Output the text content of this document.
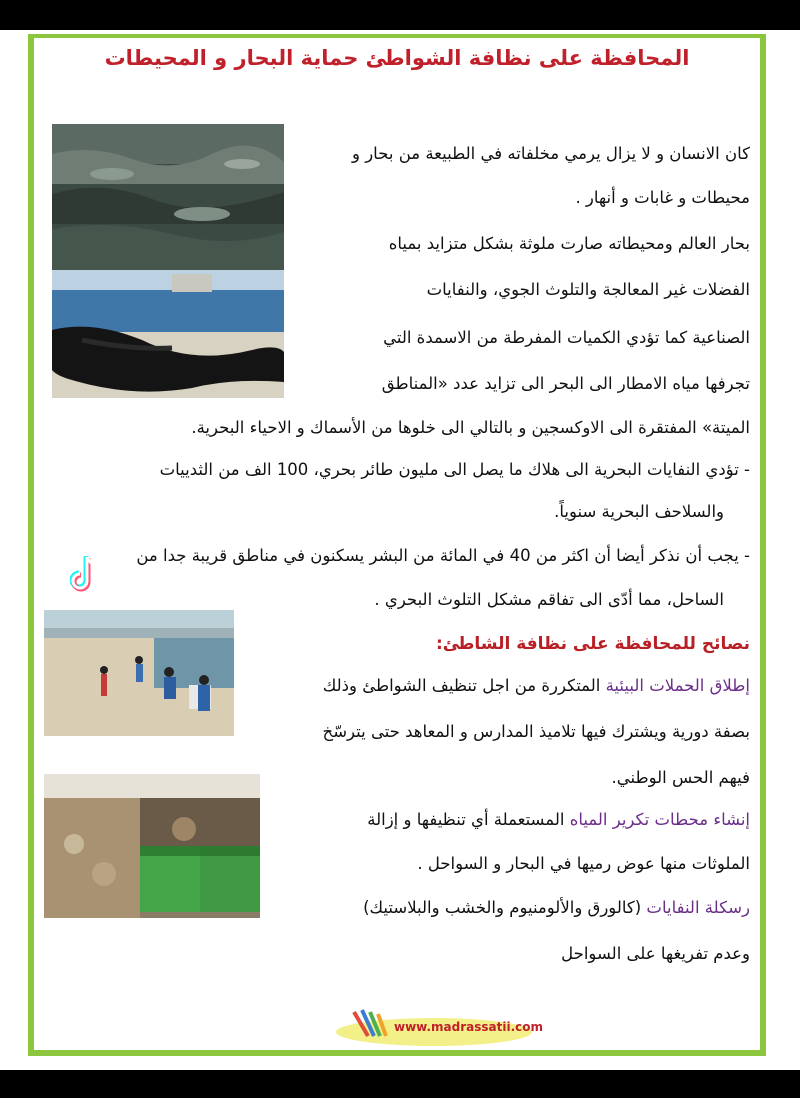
المحافظة على نظافة الشواطئ حماية البحار و المحيطات
كان الانسان و لا يزال يرمي مخلفاته في الطبيعة من بحار و
محيطات و غابات و أنهار .
بحار العالم ومحيطاته صارت ملوثة بشكل متزايد بمياه
الفضلات غير المعالجة والتلوث الجوي، والنفايات
الصناعية كما تؤدي الكميات المفرطة من الاسمدة التي
تجرفها مياه الامطار الى البحر الى تزايد عدد «المناطق
الميتة» المفتقرة الى الاوكسجين و بالتالي الى خلوها من الأسماك و الاحياء البحرية.
- تؤدي النفايات البحرية الى هلاك ما يصل الى مليون طائر بحري، 100 الف من الثدييات
والسلاحف البحرية سنوياً.
- يجب أن نذكر أيضا أن اكثر من 40 في المائة من البشر يسكنون في مناطق قريبة جدا من
الساحل، مما أدّى الى تفاقم مشكل التلوث البحري .
نصائح للمحافظة على نظافة الشاطئ:
إطلاق الحملات البيئية المتكررة من اجل تنظيف الشواطئ وذلك
بصفة دورية ويشترك فيها تلاميذ المدارس و المعاهد حتى يترسّخ
فيهم الحس الوطني.
إنشاء محطات تكرير المياه المستعملة أي تنظيفها و إزالة
الملوثات منها عوض رميها في البحار و السواحل .
رسكلة النفايات (كالورق والألومنيوم والخشب والبلاستيك)
وعدم تفريغها على السواحل
www.madrassatii.com
